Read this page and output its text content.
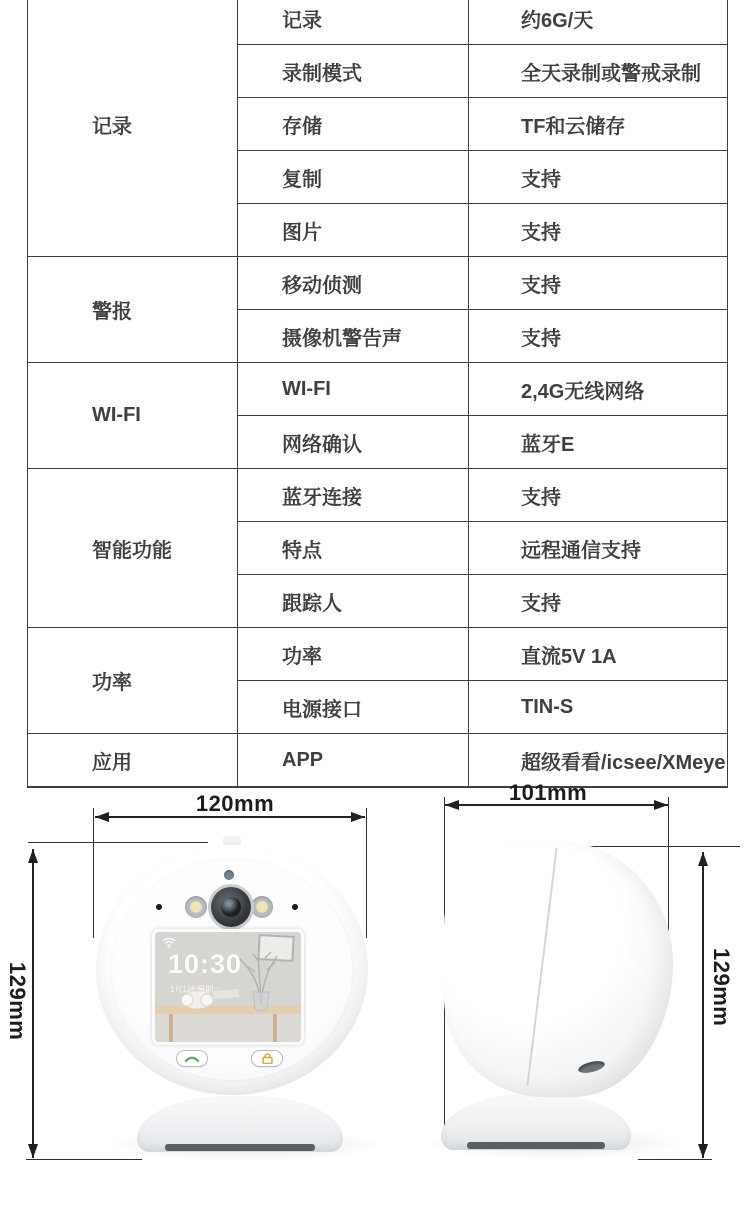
记录	记录	约6G/天
	录制模式	全天录制或警戒录制
	存储	TF和云储存
	复制	支持
	图片	支持
警报	移动侦测	支持
	摄像机警告声	支持
WI-FI	WI-FI	2,4G无线网络
	网络确认	蓝牙E
智能功能	蓝牙连接	支持
	特点	远程通信支持
	跟踪人	支持
功率	功率	直流5V 1A
	电源接口	TIN-S
应用	APP	超级看看/icsee/XMeye
10:30
1月1日 星期一
120mm	101mm
129mm	129mm
